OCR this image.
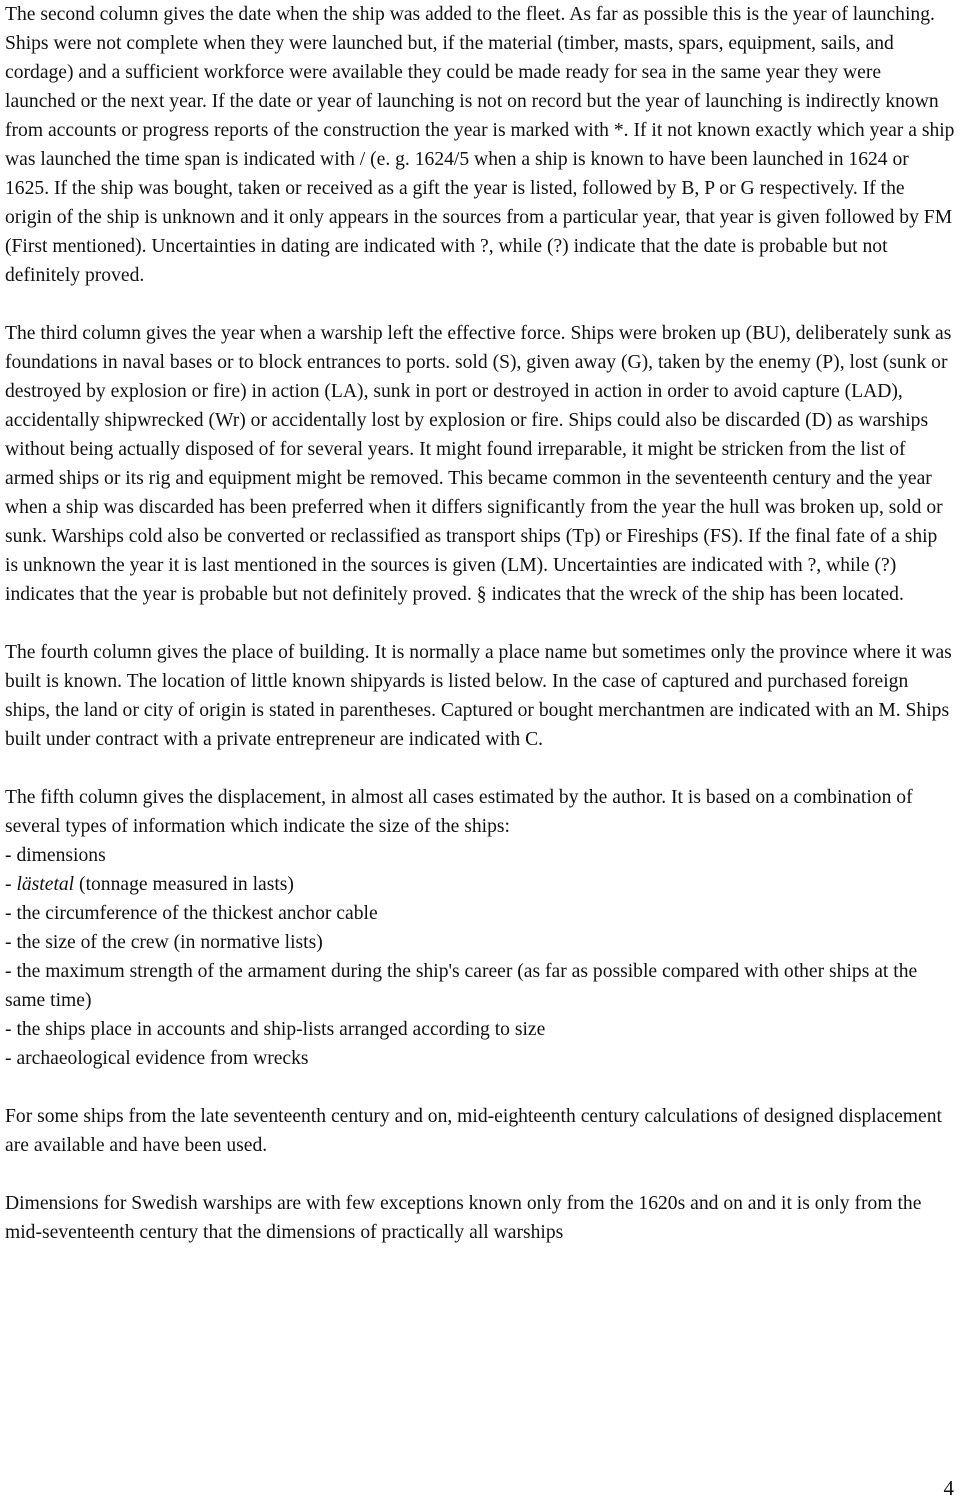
The second column gives the date when the ship was added to the fleet. As far as possible this is the year of launching. Ships were not complete when they were launched but, if the material (timber, masts, spars, equipment, sails, and cordage) and a sufficient workforce were available they could be made ready for sea in the same year they were launched or the next year. If the date or year of launching is not on record but the year of launching is indirectly known from accounts or progress reports of the construction the year is marked with *. If it not known exactly which year a ship was launched the time span is indicated with / (e. g. 1624/5 when a ship is known to have been launched in 1624 or 1625. If the ship was bought, taken or received as a gift the year is listed, followed by B, P or G respectively. If the origin of the ship is unknown and it only appears in the sources from a particular year, that year is given followed by FM (First mentioned). Uncertainties in dating are indicated with ?, while (?) indicate that the date is probable but not definitely proved.

The third column gives the year when a warship left the effective force. Ships were broken up (BU), deliberately sunk as foundations in naval bases or to block entrances to ports. sold (S), given away (G), taken by the enemy (P), lost (sunk or destroyed by explosion or fire) in action (LA), sunk in port or destroyed in action in order to avoid capture (LAD), accidentally shipwrecked (Wr) or accidentally lost by explosion or fire. Ships could also be discarded (D) as warships without being actually disposed of for several years. It might found irreparable, it might be stricken from the list of armed ships or its rig and equipment might be removed. This became common in the seventeenth century and the year when a ship was discarded has been preferred when it differs significantly from the year the hull was broken up, sold or sunk. Warships cold also be converted or reclassified as transport ships (Tp) or Fireships (FS). If the final fate of a ship is unknown the year it is last mentioned in the sources is given (LM). Uncertainties are indicated with ?, while (?) indicates that the year is probable but not definitely proved. § indicates that the wreck of the ship has been located.

The fourth column gives the place of building. It is normally a place name but sometimes only the province where it was built is known. The location of little known shipyards is listed below. In the case of captured and purchased foreign ships, the land or city of origin is stated in parentheses. Captured or bought merchantmen are indicated with an M. Ships built under contract with a private entrepreneur are indicated with C.

The fifth column gives the displacement, in almost all cases estimated by the author. It is based on a combination of several types of information which indicate the size of the ships:
- dimensions
- lästetal (tonnage measured in lasts)
- the circumference of the thickest anchor cable
- the size of the crew (in normative lists)
- the maximum strength of the armament during the ship's career (as far as possible compared with other ships at the same time)
- the ships place in accounts and ship-lists arranged according to size
- archaeological evidence from wrecks

For some ships from the late seventeenth century and on, mid-eighteenth century calculations of designed displacement are available and have been used.

Dimensions for Swedish warships are with few exceptions known only from the 1620s and on and it is only from the mid-seventeenth century that the dimensions of practically all warships

4
